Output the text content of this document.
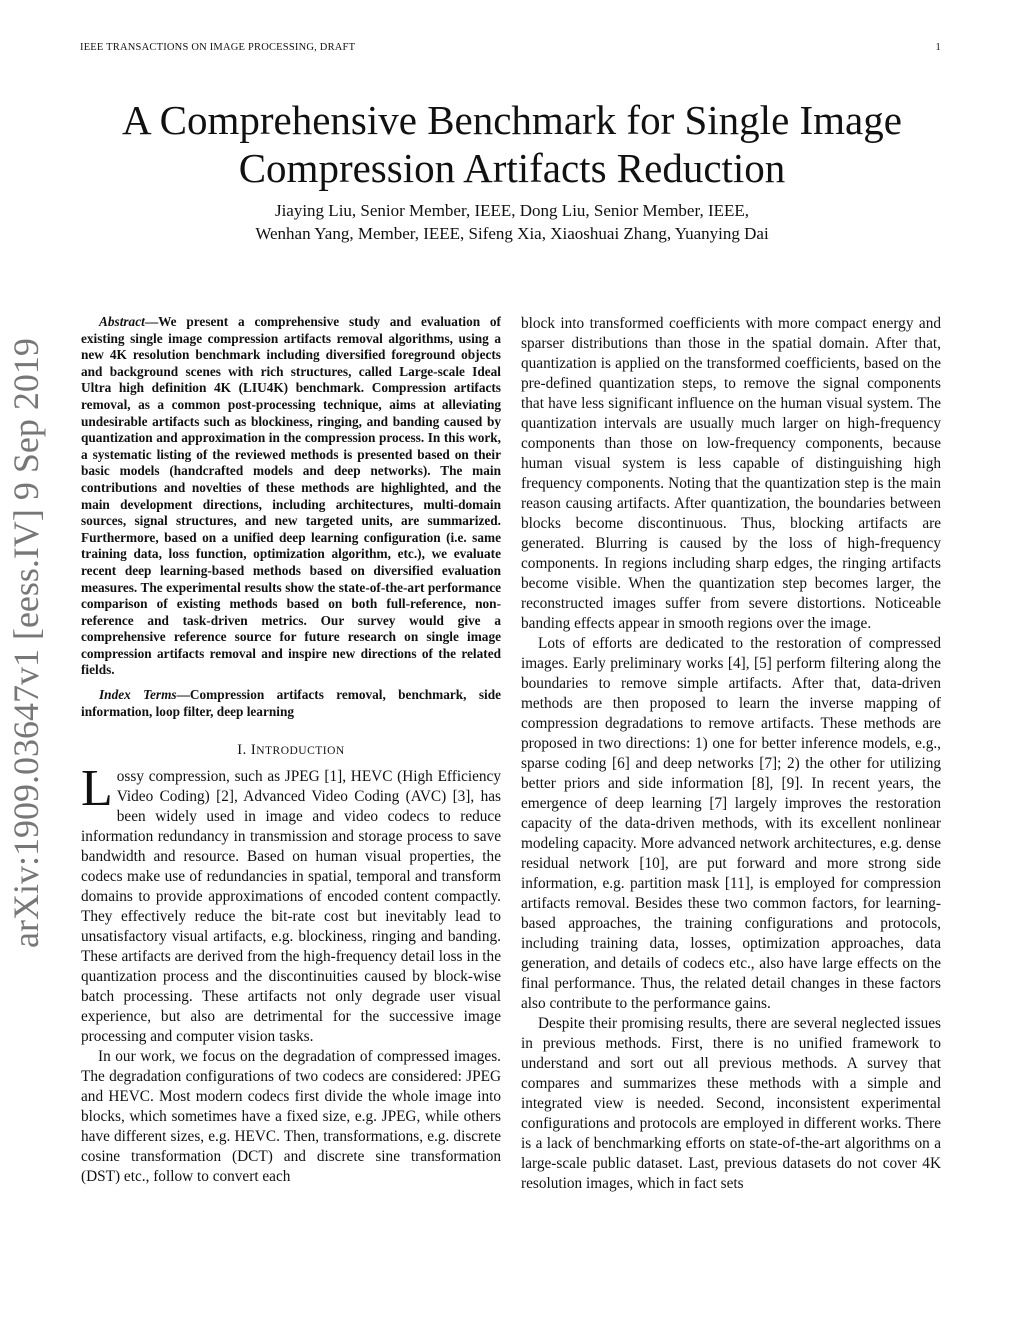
IEEE TRANSACTIONS ON IMAGE PROCESSING, DRAFT	1
arXiv:1909.03647v1 [eess.IV] 9 Sep 2019
A Comprehensive Benchmark for Single Image Compression Artifacts Reduction
Jiaying Liu, Senior Member, IEEE, Dong Liu, Senior Member, IEEE,
Wenhan Yang, Member, IEEE, Sifeng Xia, Xiaoshuai Zhang, Yuanying Dai

Abstract—We present a comprehensive study and evaluation of existing single image compression artifacts removal algorithms, using a new 4K resolution benchmark including diversified foreground objects and background scenes with rich structures, called Large-scale Ideal Ultra high definition 4K (LIU4K) benchmark. Compression artifacts removal, as a common post-processing technique, aims at alleviating undesirable artifacts such as blockiness, ringing, and banding caused by quantization and approximation in the compression process. In this work, a systematic listing of the reviewed methods is presented based on their basic models (handcrafted models and deep networks). The main contributions and novelties of these methods are highlighted, and the main development directions, including architectures, multi-domain sources, signal structures, and new targeted units, are summarized. Furthermore, based on a unified deep learning configuration (i.e. same training data, loss function, optimization algorithm, etc.), we evaluate recent deep learning-based methods based on diversified evaluation measures. The experimental results show the state-of-the-art performance comparison of existing methods based on both full-reference, non-reference and task-driven metrics. Our survey would give a comprehensive reference source for future research on single image compression artifacts removal and inspire new directions of the related fields.

Index Terms—Compression artifacts removal, benchmark, side information, loop filter, deep learning

I. INTRODUCTION

Lossy compression, such as JPEG [1], HEVC (High Efficiency Video Coding) [2], Advanced Video Coding (AVC) [3], has been widely used in image and video codecs to reduce information redundancy in transmission and storage process to save bandwidth and resource. Based on human visual properties, the codecs make use of redundancies in spatial, temporal and transform domains to provide approximations of encoded content compactly. They effectively reduce the bit-rate cost but inevitably lead to unsatisfactory visual artifacts, e.g. blockiness, ringing and banding. These artifacts are derived from the high-frequency detail loss in the quantization process and the discontinuities caused by block-wise batch processing. These artifacts not only degrade user visual experience, but also are detrimental for the successive image processing and computer vision tasks.

In our work, we focus on the degradation of compressed images. The degradation configurations of two codecs are considered: JPEG and HEVC. Most modern codecs first divide the whole image into blocks, which sometimes have a fixed size, e.g. JPEG, while others have different sizes, e.g. HEVC. Then, transformations, e.g. discrete cosine transformation (DCT) and discrete sine transformation (DST) etc., follow to convert each

block into transformed coefficients with more compact energy and sparser distributions than those in the spatial domain. After that, quantization is applied on the transformed coefficients, based on the pre-defined quantization steps, to remove the signal components that have less significant influence on the human visual system. The quantization intervals are usually much larger on high-frequency components than those on low-frequency components, because human visual system is less capable of distinguishing high frequency components. Noting that the quantization step is the main reason causing artifacts. After quantization, the boundaries between blocks become discontinuous. Thus, blocking artifacts are generated. Blurring is caused by the loss of high-frequency components. In regions including sharp edges, the ringing artifacts become visible. When the quantization step becomes larger, the reconstructed images suffer from severe distortions. Noticeable banding effects appear in smooth regions over the image.

Lots of efforts are dedicated to the restoration of compressed images. Early preliminary works [4], [5] perform filtering along the boundaries to remove simple artifacts. After that, data-driven methods are then proposed to learn the inverse mapping of compression degradations to remove artifacts. These methods are proposed in two directions: 1) one for better inference models, e.g., sparse coding [6] and deep networks [7]; 2) the other for utilizing better priors and side information [8], [9]. In recent years, the emergence of deep learning [7] largely improves the restoration capacity of the data-driven methods, with its excellent nonlinear modeling capacity. More advanced network architectures, e.g. dense residual network [10], are put forward and more strong side information, e.g. partition mask [11], is employed for compression artifacts removal. Besides these two common factors, for learning-based approaches, the training configurations and protocols, including training data, losses, optimization approaches, data generation, and details of codecs etc., also have large effects on the final performance. Thus, the related detail changes in these factors also contribute to the performance gains.

Despite their promising results, there are several neglected issues in previous methods. First, there is no unified framework to understand and sort out all previous methods. A survey that compares and summarizes these methods with a simple and integrated view is needed. Second, inconsistent experimental configurations and protocols are employed in different works. There is a lack of benchmarking efforts on state-of-the-art algorithms on a large-scale public dataset. Last, previous datasets do not cover 4K resolution images, which in fact sets
